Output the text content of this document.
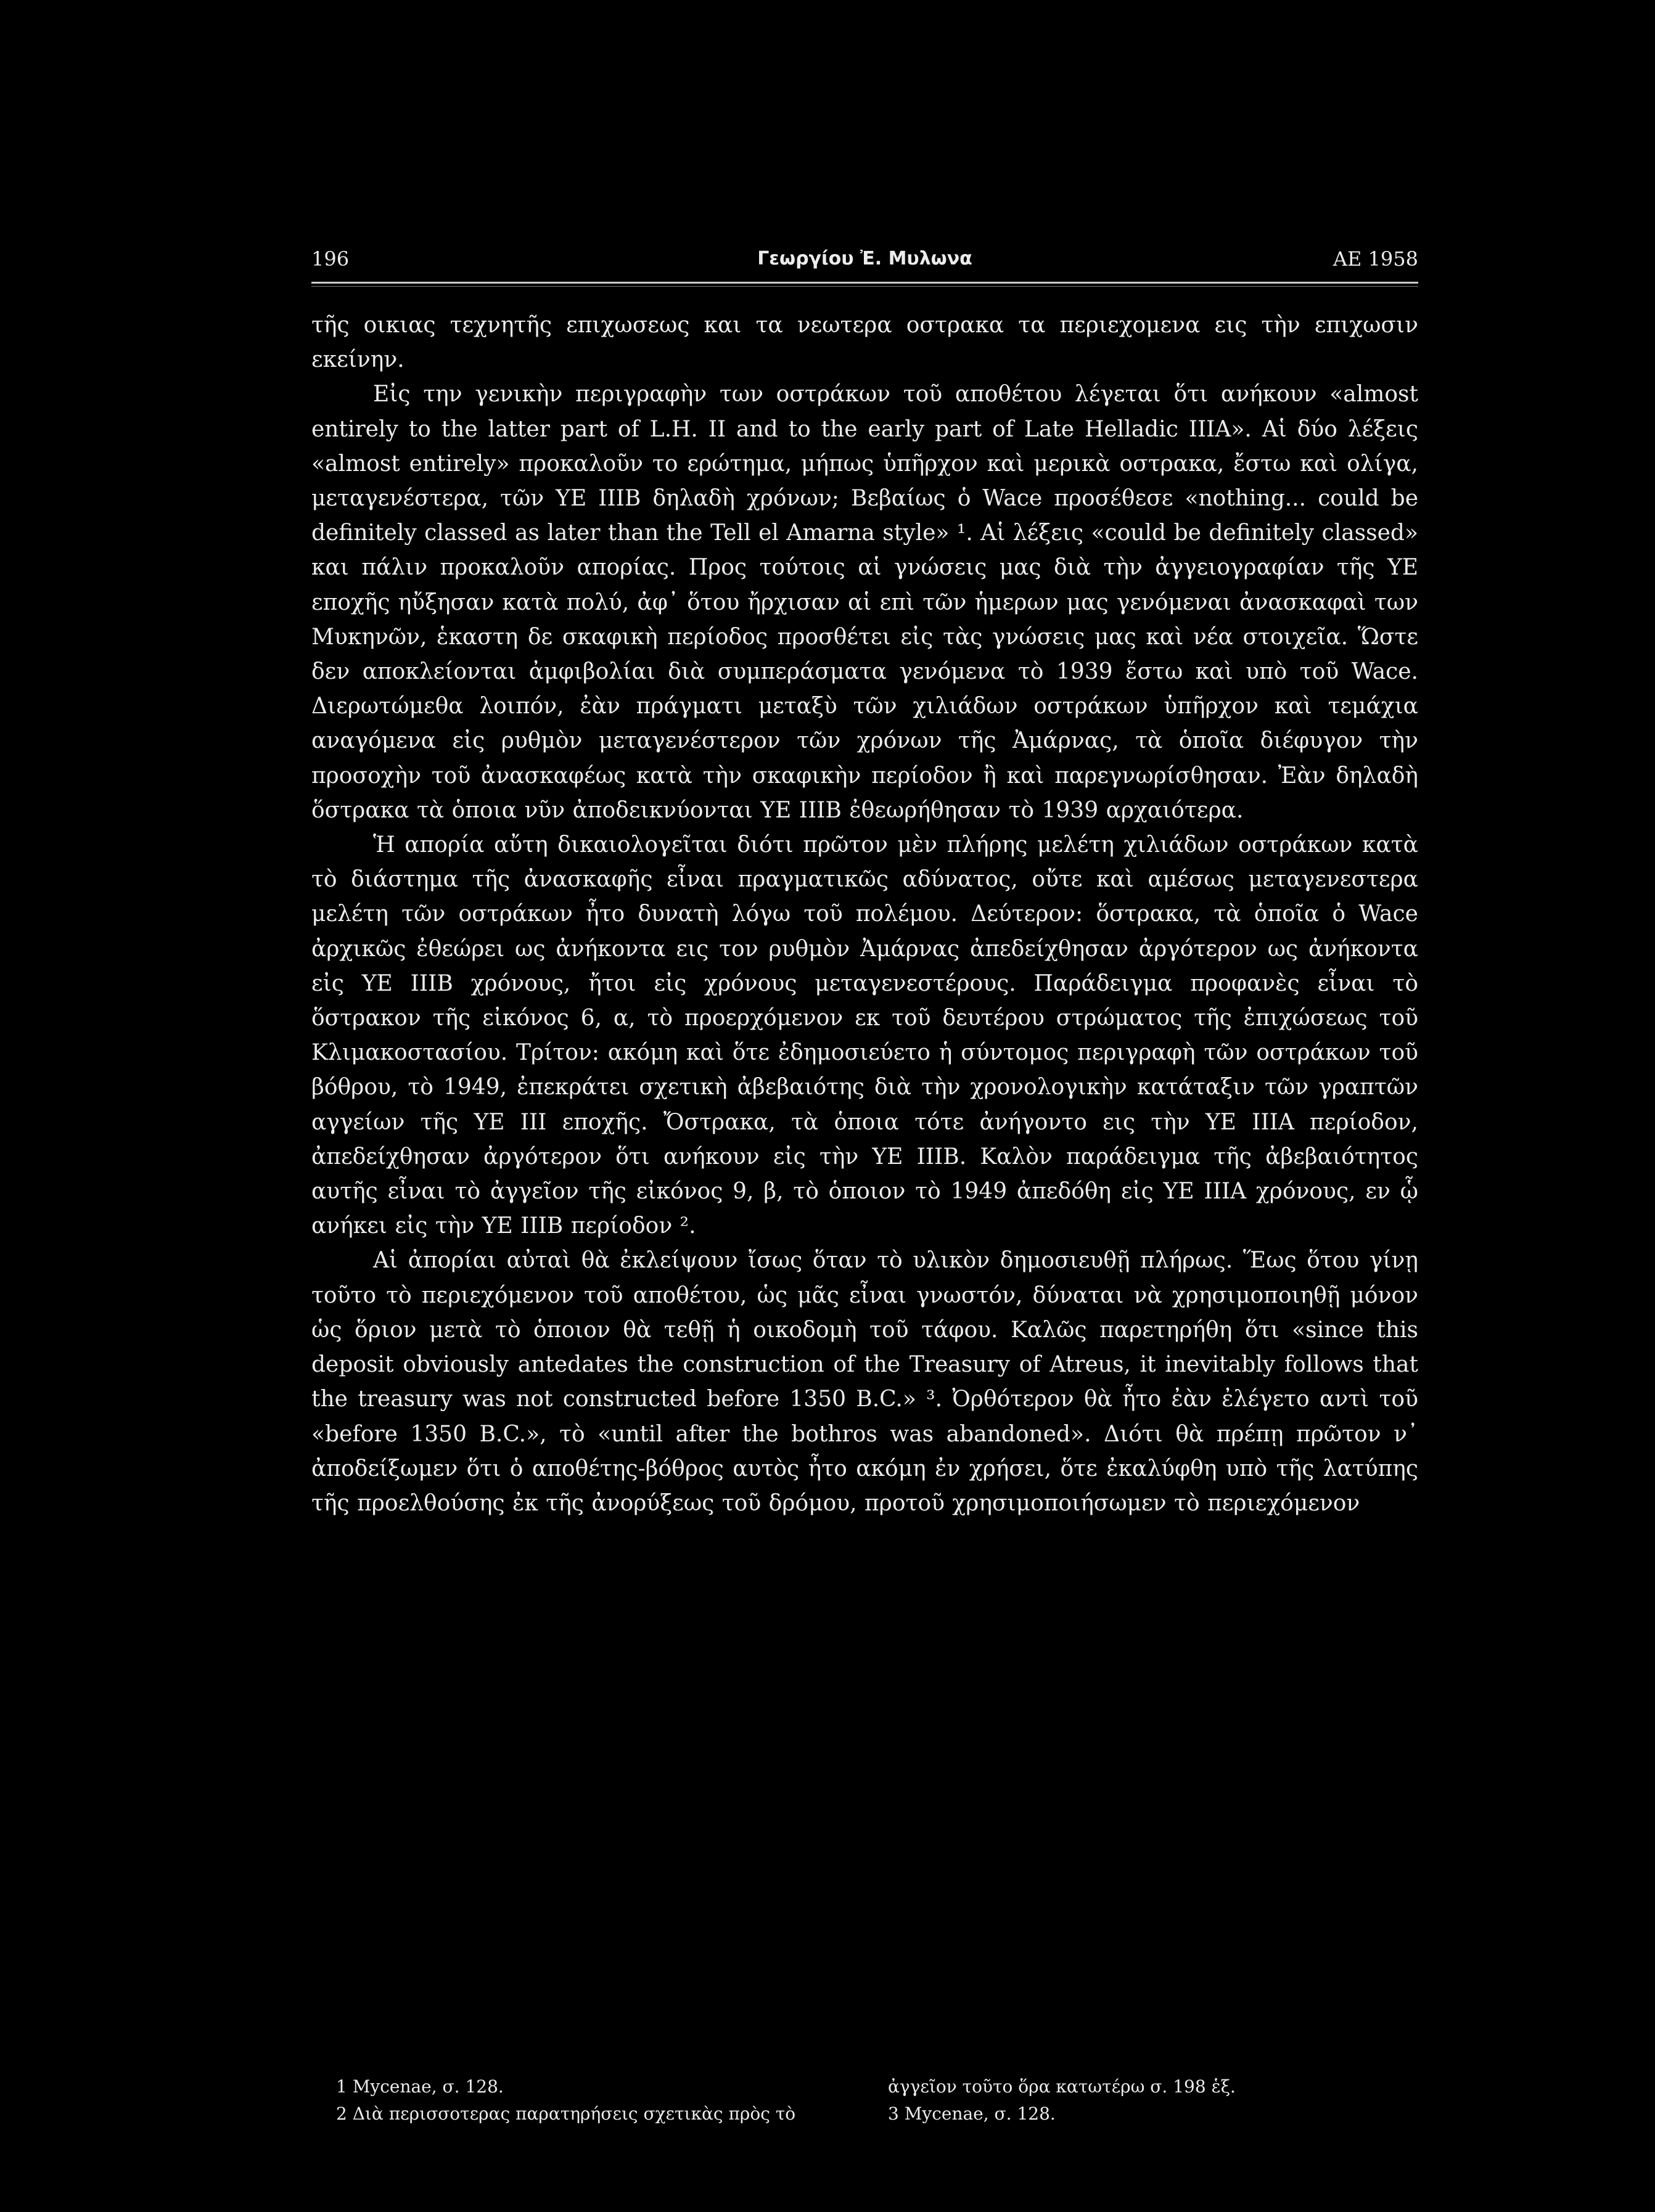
196	Γεωργίου Ἐ. Μυλωνα	ΑΕ 1958

τῆς οικιας τεχνητῆς επιχωσεως και τα νεωτερα οστρακα τα περιεχομενα εις τὴν επιχωσιν εκείνην.

Εἰς την γενικὴν περιγραφὴν των οστράκων τοῦ αποθέτου λέγεται ὅτι ανήκουν «almost entirely to the latter part of L.H. II and to the early part of Late Helladic IIIA». Αἱ δύο λέξεις «almost entirely» προκαλοῦν το ερώτημα, μήπως ὑπῆρχον καὶ μερικὰ οστρακα, ἔστω καὶ ολίγα, μεταγενέστερα, τῶν ΥΕ IIIB δηλαδὴ χρόνων; Βεβαίως ὁ Wace προσέθεσε «nothing... could be definitely classed as later than the Tell el Amarna style» ¹. Αἱ λέξεις «could be definitely classed» και πάλιν προκαλοῦν απορίας. Προς τούτοις αἱ γνώσεις μας διὰ τὴν ἀγγειογραφίαν τῆς ΥΕ εποχῆς ηὔξησαν κατὰ πολύ, ἀφ᾽ ὅτου ἤρχισαν αἱ επὶ τῶν ἡμερων μας γενόμεναι ἀνασκαφαὶ των Μυκηνῶν, ἑκαστη δε σκαφικὴ περίοδος προσθέτει εἰς τὰς γνώσεις μας καὶ νέα στοιχεῖα. Ὥστε δεν αποκλείονται ἀμφιβολίαι διὰ συμπεράσματα γενόμενα τὸ 1939 ἔστω καὶ υπὸ τοῦ Wace. Διερωτώμεθα λοιπόν, ἐὰν πράγματι μεταξὺ τῶν χιλιάδων οστράκων ὑπῆρχον καὶ τεμάχια αναγόμενα εἰς ρυθμὸν μεταγενέστερον τῶν χρόνων τῆς Ἀμάρνας, τὰ ὁποῖα διέφυγον τὴν προσοχὴν τοῦ ἀνασκαφέως κατὰ τὴν σκαφικὴν περίοδον ἢ καὶ παρεγνωρίσθησαν. Ἐὰν δηλαδὴ ὅστρακα τὰ ὁποια νῦν ἀποδεικνύονται ΥΕ IIIB ἐθεωρήθησαν τὸ 1939 αρχαιότερα.

Ἡ απορία αὔτη δικαιολογεῖται διότι πρῶτον μὲν πλήρης μελέτη χιλιάδων οστράκων κατὰ τὸ διάστημα τῆς ἀνασκαφῆς εἶναι πραγματικῶς αδύνατος, οὔτε καὶ αμέσως μεταγενεστερα μελέτη τῶν οστράκων ἦτο δυνατὴ λόγω τοῦ πολέμου. Δεύτερον: ὅστρακα, τὰ ὁποῖα ὁ Wace ἀρχικῶς ἐθεώρει ως ἀνήκοντα εις τον ρυθμὸν Ἀμάρνας ἀπεδείχθησαν ἀργότερον ως ἀνήκοντα εἰς ΥΕ IIIB χρόνους, ἤτοι εἰς χρόνους μεταγενεστέρους. Παράδειγμα προφανὲς εἶναι τὸ ὅστρακον τῆς εἰκόνος 6, α, τὸ προερχόμενον εκ τοῦ δευτέρου στρώματος τῆς ἐπιχώσεως τοῦ Κλιμακοστασίου. Τρίτον: ακόμη καὶ ὅτε ἐδημοσιεύετο ἡ σύντομος περιγραφὴ τῶν οστράκων τοῦ βόθρου, τὸ 1949, ἐπεκράτει σχετικὴ ἀβεβαιότης διὰ τὴν χρονολογικὴν κατάταξιν τῶν γραπτῶν αγγείων τῆς ΥΕ III εποχῆς. Ὄστρακα, τὰ ὁποια τότε ἀνήγοντο εις τὴν ΥΕ IIIA περίοδον, ἀπεδείχθησαν ἀργότερον ὅτι ανήκουν εἰς τὴν ΥΕ IIIB. Καλὸν παράδειγμα τῆς ἀβεβαιότητος αυτῆς εἶναι τὸ ἀγγεῖον τῆς εἰκόνος 9, β, τὸ ὁποιον τὸ 1949 ἀπεδόθη εἰς ΥΕ IIIA χρόνους, εν ᾧ ανήκει εἰς τὴν ΥΕ IIIB περίοδον ².

Αἱ ἀπορίαι αὐταὶ θὰ ἐκλείψουν ἴσως ὅταν τὸ υλικὸν δημοσιευθῇ πλήρως. Ἕως ὅτου γίνῃ τοῦτο τὸ περιεχόμενον τοῦ αποθέτου, ὡς μᾶς εἶναι γνωστόν, δύναται νὰ χρησιμοποιηθῇ μόνον ὡς ὅριον μετὰ τὸ ὁποιον θὰ τεθῇ ἡ οικοδομὴ τοῦ τάφου. Καλῶς παρετηρήθη ὅτι «since this deposit obviously antedates the construction of the Treasury of Atreus, it inevitably follows that the treasury was not constructed before 1350 B.C.» ³. Ὀρθότερον θὰ ἦτο ἐὰν ἐλέγετο αντὶ τοῦ «before 1350 B.C.», τὸ «until after the bothros was abandoned». Διότι θὰ πρέπῃ πρῶτον ν᾽ ἀποδείξωμεν ὅτι ὁ αποθέτης-βόθρος αυτὸς ἦτο ακόμη ἐν χρήσει, ὅτε ἐκαλύφθη υπὸ τῆς λατύπης τῆς προελθούσης ἐκ τῆς ἀνορύξεως τοῦ δρόμου, προτοῦ χρησιμοποιήσωμεν τὸ περιεχόμενον

1 Mycenae, σ. 128.
2 Διὰ περισσοτερας παρατηρήσεις σχετικὰς πρὸς τὸ
ἀγγεῖον τοῦτο ὅρα κατωτέρω σ. 198 ἑξ.
3 Mycenae, σ. 128.
